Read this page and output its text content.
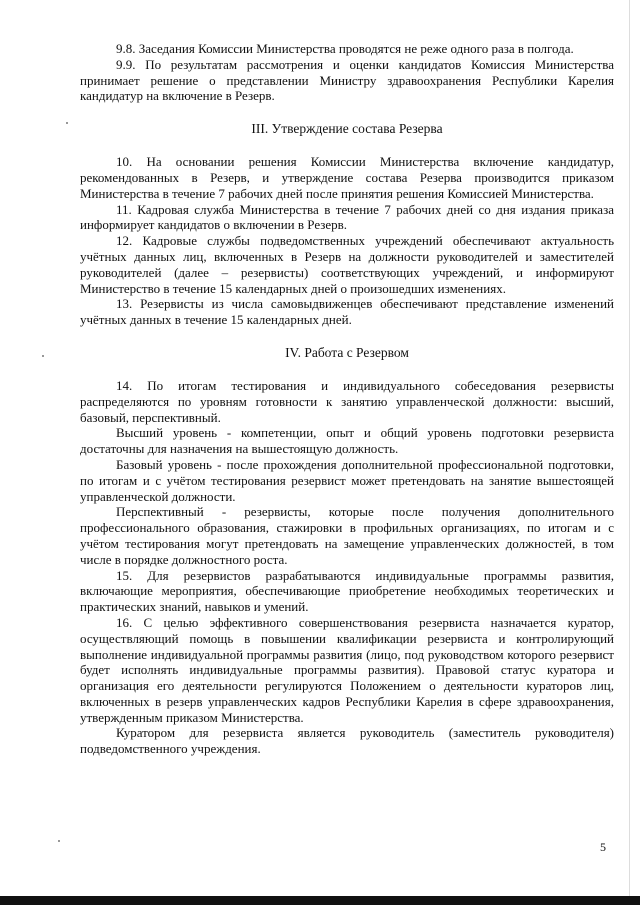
9.8. Заседания Комиссии Министерства проводятся не реже одного раза в полгода.

9.9. По результатам рассмотрения и оценки кандидатов Комиссия Министерства принимает решение о представлении Министру здравоохранения Республики Карелия кандидатур на включение в Резерв.

III. Утверждение состава Резерва

10. На основании решения Комиссии Министерства включение кандидатур, рекомендованных в Резерв, и утверждение состава Резерва производится приказом Министерства в течение 7 рабочих дней после принятия решения Комиссией Министерства.

11. Кадровая служба Министерства в течение 7 рабочих дней со дня издания приказа информирует кандидатов о включении в Резерв.

12. Кадровые службы подведомственных учреждений обеспечивают актуальность учётных данных лиц, включенных в Резерв на должности руководителей и заместителей руководителей (далее – резервисты) соответствующих учреждений, и информируют Министерство в течение 15 календарных дней о произошедших изменениях.

13. Резервисты из числа самовыдвиженцев обеспечивают представление изменений учётных данных в течение 15 календарных дней.

IV. Работа с Резервом

14. По итогам тестирования и индивидуального собеседования резервисты распределяются по уровням готовности к занятию управленческой должности: высший, базовый, перспективный.

Высший уровень - компетенции, опыт и общий уровень подготовки резервиста достаточны для назначения на вышестоящую должность.

Базовый уровень - после прохождения дополнительной профессиональной подготовки, по итогам и с учётом тестирования резервист может претендовать на занятие вышестоящей управленческой должности.

Перспективный - резервисты, которые после получения дополнительного профессионального образования, стажировки в профильных организациях, по итогам и с учётом тестирования могут претендовать на замещение управленческих должностей, в том числе в порядке должностного роста.

15. Для резервистов разрабатываются индивидуальные программы развития, включающие мероприятия, обеспечивающие приобретение необходимых теоретических и практических знаний, навыков и умений.

16. С целью эффективного совершенствования резервиста назначается куратор, осуществляющий помощь в повышении квалификации резервиста и контролирующий выполнение индивидуальной программы развития (лицо, под руководством которого резервист будет исполнять индивидуальные программы развития). Правовой статус куратора и организация его деятельности регулируются Положением о деятельности кураторов лиц, включенных в резерв управленческих кадров Республики Карелия в сфере здравоохранения, утвержденным приказом Министерства.

Куратором для резервиста является руководитель (заместитель руководителя) подведомственного учреждения.

5
